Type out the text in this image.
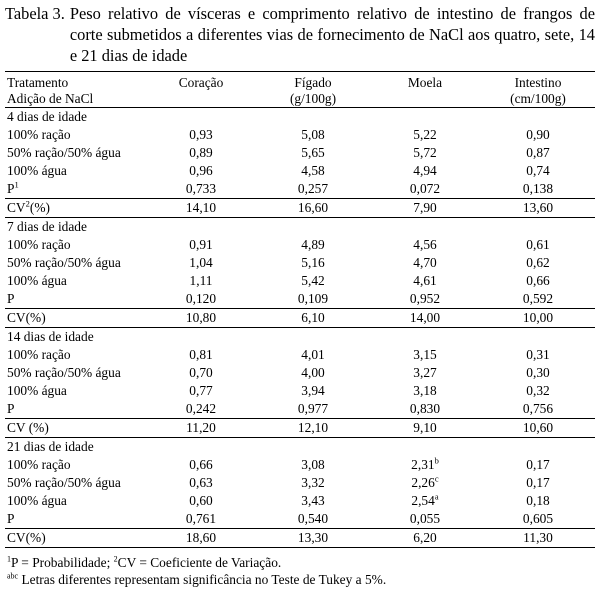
Tabela 3. Peso relativo de vísceras e comprimento relativo de intestino de frangos de corte submetidos a diferentes vias de fornecimento de NaCl aos quatro, sete, 14 e 21 dias de idade
Tratamento	Coração	Fígado	Moela	Intestino
Adição de NaCl	(g/100g)			(cm/100g)
4 dias de idade				
100% ração	0,93	5,08	5,22	0,90
50% ração/50% água	0,89	5,65	5,72	0,87
100% água	0,96	4,58	4,94	0,74
$P^1$	0,733	0,257	0,072	0,138
$CV^2(\%)$	14,10	16,60	7,90	13,60
7 dias de idade				
100% ração	0,91	4,89	4,56	0,61
50% ração/50% água	1,04	5,16	4,70	0,62
100% água	1,11	5,42	4,61	0,66
P	0,120	0,109	0,952	0,592
CV(%)	10,80	6,10	14,00	10,00
14 dias de idade				
100% ração	0,81	4,01	3,15	0,31
50% ração/50% água	0,70	4,00	3,27	0,30
100% água	0,77	3,94	3,18	0,32
P	0,242	0,977	0,830	0,756
CV (%)	11,20	12,10	9,10	10,60
21 dias de idade				
100% ração	0,66	3,08	2,31$^b$	0,17
50% ração/50% água	0,63	3,32	2,26$^c$	0,17
100% água	0,60	3,43	2,54$^a$	0,18
P	0,761	0,540	0,055	0,605
CV(%)	18,60	13,30	6,20	11,30
$^1$P = Probabilidade; $^2$CV = Coeficiente de Variação.
$^{abc}$ Letras diferentes representam significância no Teste de Tukey a 5%.
